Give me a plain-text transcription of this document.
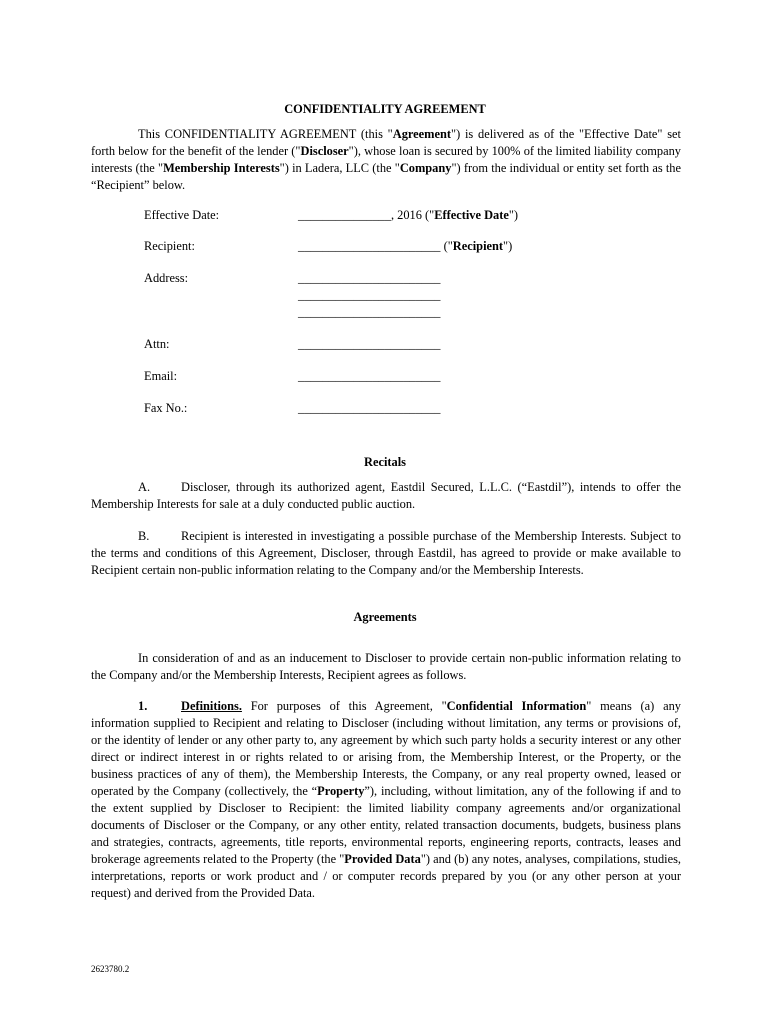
CONFIDENTIALITY AGREEMENT

This CONFIDENTIALITY AGREEMENT (this "Agreement") is delivered as of the "Effective Date" set forth below for the benefit of the lender ("Discloser"), whose loan is secured by 100% of the limited liability company interests (the "Membership Interests") in Ladera, LLC (the "Company") from the individual or entity set forth as the “Recipient” below.

Effective Date:	_______________, 2016 ("Effective Date")
Recipient:	_______________________ ("Recipient")
Address:	_______________________
_______________________
_______________________
Attn:	_______________________
Email:	_______________________
Fax No.:	_______________________

Recitals

A. Discloser, through its authorized agent, Eastdil Secured, L.L.C. (“Eastdil”), intends to offer the Membership Interests for sale at a duly conducted public auction.

B.	Recipient is interested in investigating a possible purchase of the Membership Interests. Subject to the terms and conditions of this Agreement, Discloser, through Eastdil, has agreed to provide or make available to Recipient certain non-public information relating to the Company and/or the Membership Interests.

Agreements

In consideration of and as an inducement to Discloser to provide certain non-public information relating to the Company and/or the Membership Interests, Recipient agrees as follows.

1.	Definitions. For purposes of this Agreement, "Confidential Information" means (a) any information supplied to Recipient and relating to Discloser (including without limitation, any terms or provisions of, or the identity of lender or any other party to, any agreement by which such party holds a security interest or any other direct or indirect interest in or rights related to or arising from, the Membership Interest, or the Property, or the business practices of any of them), the Membership Interests, the Company, or any real property owned, leased or operated by the Company (collectively, the “Property”), including, without limitation, any of the following if and to the extent supplied by Discloser to Recipient: the limited liability company agreements and/or organizational documents of Discloser or the Company, or any other entity, related transaction documents, budgets, business plans and strategies, contracts, agreements, title reports, environmental reports, engineering reports, contracts, leases and brokerage agreements related to the Property (the "Provided Data") and (b) any notes, analyses, compilations, studies, interpretations, reports or work product and / or computer records prepared by you (or any other person at your request) and derived from the Provided Data.

2623780.2
